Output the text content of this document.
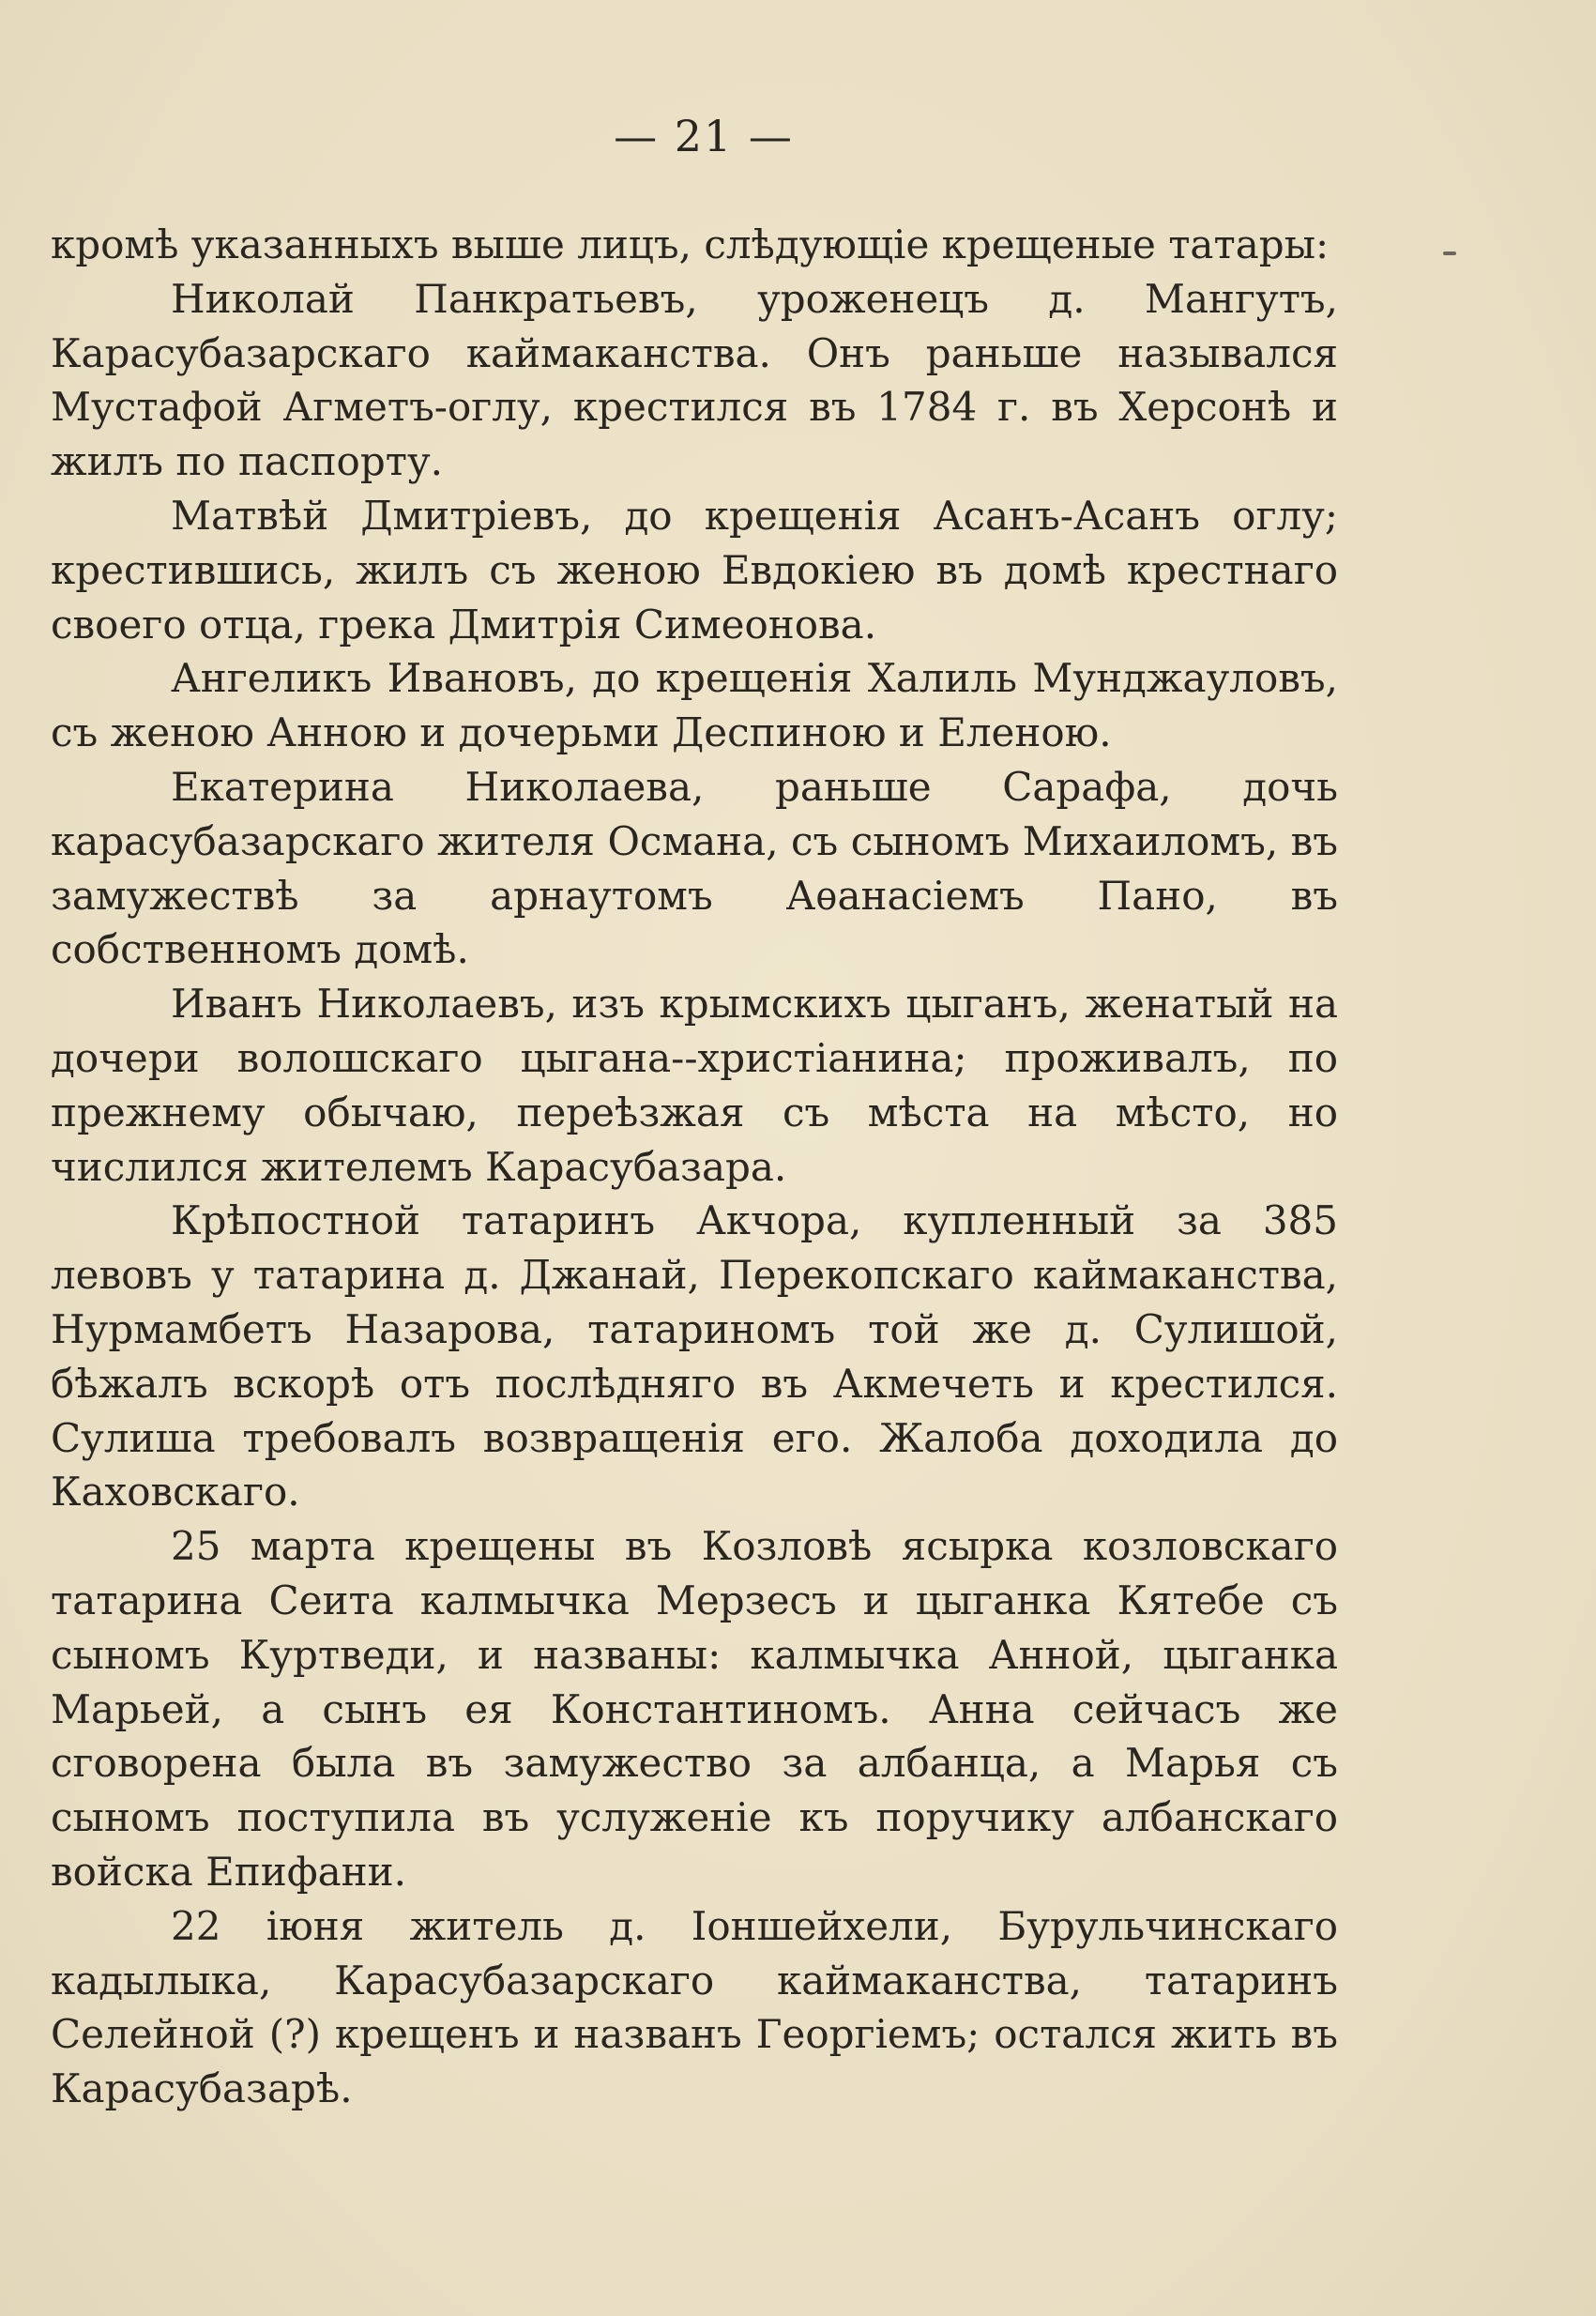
— 21 —

кромѣ указанныхъ выше лицъ, слѣдующіе крещеные татары:

Николай Панкратьевъ, уроженецъ д. Мангутъ, Карасубазарскаго каймаканства. Онъ раньше назывался Мустафой Агметъ-оглу, крестился въ 1784 г. въ Херсонѣ и жилъ по паспорту.

Матвѣй Дмитріевъ, до крещенія Асанъ-Асанъ оглу; крестившись, жилъ съ женою Евдокіею въ домѣ крестнаго своего отца, грека Дмитрія Симеонова.

Ангеликъ Ивановъ, до крещенія Халиль Мунджауловъ, съ женою Анною и дочерьми Деспиною и Еленою.

Екатерина Николаева, раньше Сарафа, дочь карасубазарскаго жителя Османа, съ сыномъ Михаиломъ, въ замужествѣ за арнаутомъ Аѳанасіемъ Пано, въ собственномъ домѣ.

Иванъ Николаевъ, изъ крымскихъ цыганъ, женатый на дочери волошскаго цыгана--христіанина; проживалъ, по прежнему обычаю, переѣзжая съ мѣста на мѣсто, но числился жителемъ Карасубазара.

Крѣпостной татаринъ Акчора, купленный за 385 левовъ у татарина д. Джанай, Перекопскаго каймаканства, Нурмамбетъ Назарова, татариномъ той же д. Сулишой, бѣжалъ вскорѣ отъ послѣдняго въ Акмечеть и крестился. Сулиша требовалъ возвращенія его. Жалоба доходила до Каховскаго.

25 марта крещены въ Козловѣ ясырка козловскаго татарина Сеита калмычка Мерзесъ и цыганка Кятебе съ сыномъ Куртведи, и названы: калмычка Анной, цыганка Марьей, а сынъ ея Константиномъ. Анна сейчасъ же сговорена была въ замужество за албанца, а Марья съ сыномъ поступила въ услуженіе къ поручику албанскаго войска Епифани.

22 іюня житель д. Іоншейхели, Бурульчинскаго кадылыка, Карасубазарскаго каймаканства, татаринъ Селейной (?) крещенъ и названъ Георгіемъ; остался жить въ Карасубазарѣ.
